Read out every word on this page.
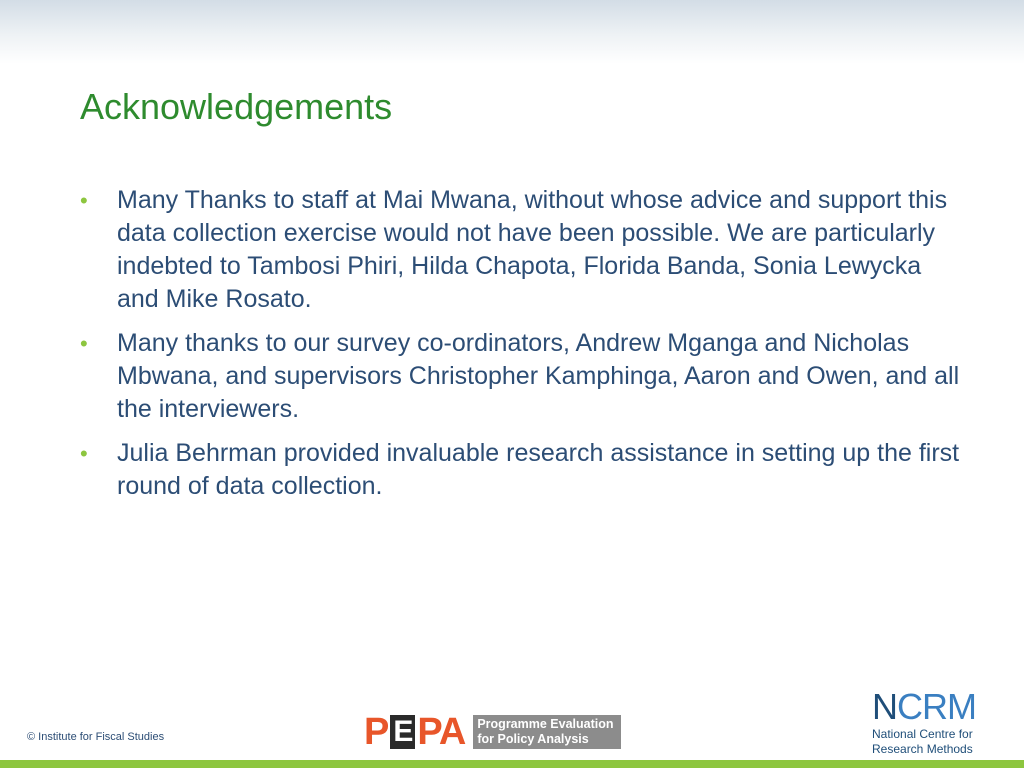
Acknowledgements
• Many Thanks to staff at Mai Mwana, without whose advice and support this data collection exercise would not have been possible. We are particularly indebted to Tambosi Phiri, Hilda Chapota, Florida Banda, Sonia Lewycka and Mike Rosato.
• Many thanks to our survey co-ordinators, Andrew Mganga and Nicholas Mbwana, and supervisors Christopher Kamphinga, Aaron and Owen, and all the interviewers.
• Julia Behrman provided invaluable research assistance in setting up the first round of data collection.
© Institute for Fiscal Studies	P E PA Programme Evaluation
for Policy Analysis
NCRM
National Centre for
Research Methods
